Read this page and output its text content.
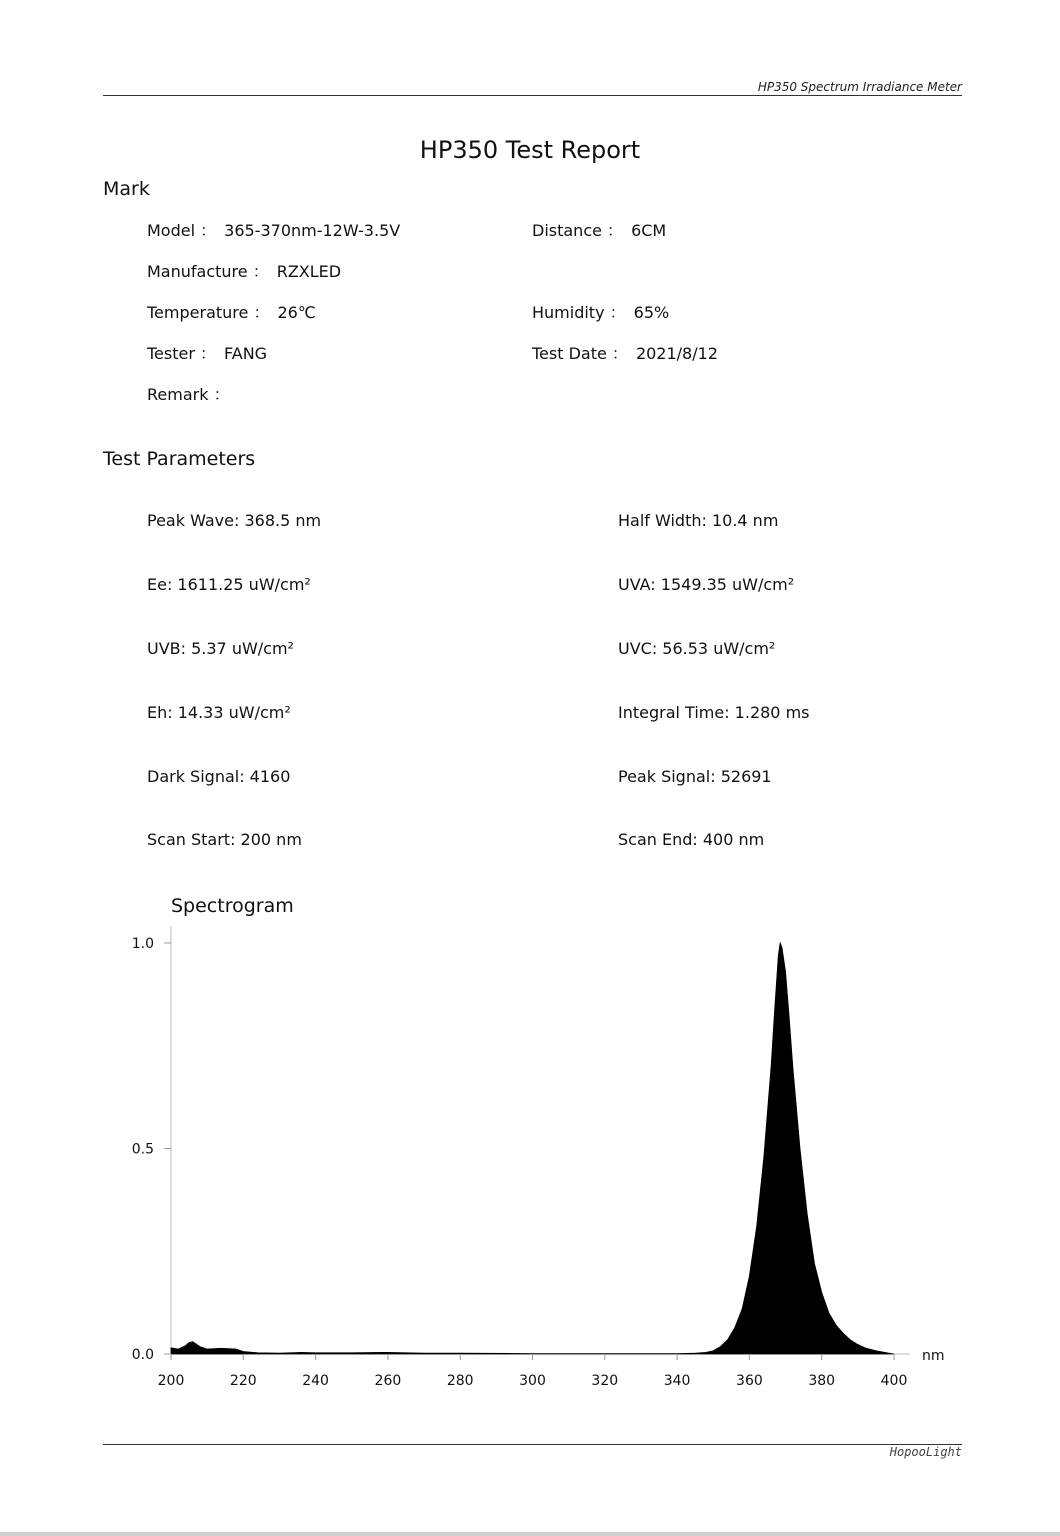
HP350 Spectrum Irradiance Meter
HP350 Test Report
Mark
Model ： 365-370nm-12W-3.5V	Distance ： 6CM
Manufacture ： RZXLED
Temperature ： 26℃	Humidity ： 65%
Tester ： FANG	Test Date ： 2021/8/12
Remark ：
Test Parameters
Peak Wave: 368.5 nm	Half Width: 10.4 nm
Ee: 1611.25 uW/cm²	UVA: 1549.35 uW/cm²
UVB: 5.37 uW/cm²	UVC: 56.53 uW/cm²
Eh: 14.33 uW/cm²	Integral Time: 1.280 ms
Dark Signal: 4160	Peak Signal: 52691
Scan Start: 200 nm	Scan End: 400 nm
Spectrogram
200	220	240	260	280	300	320	340	360	380	400
0.0
0.5
1.0
nm
HopooLight
